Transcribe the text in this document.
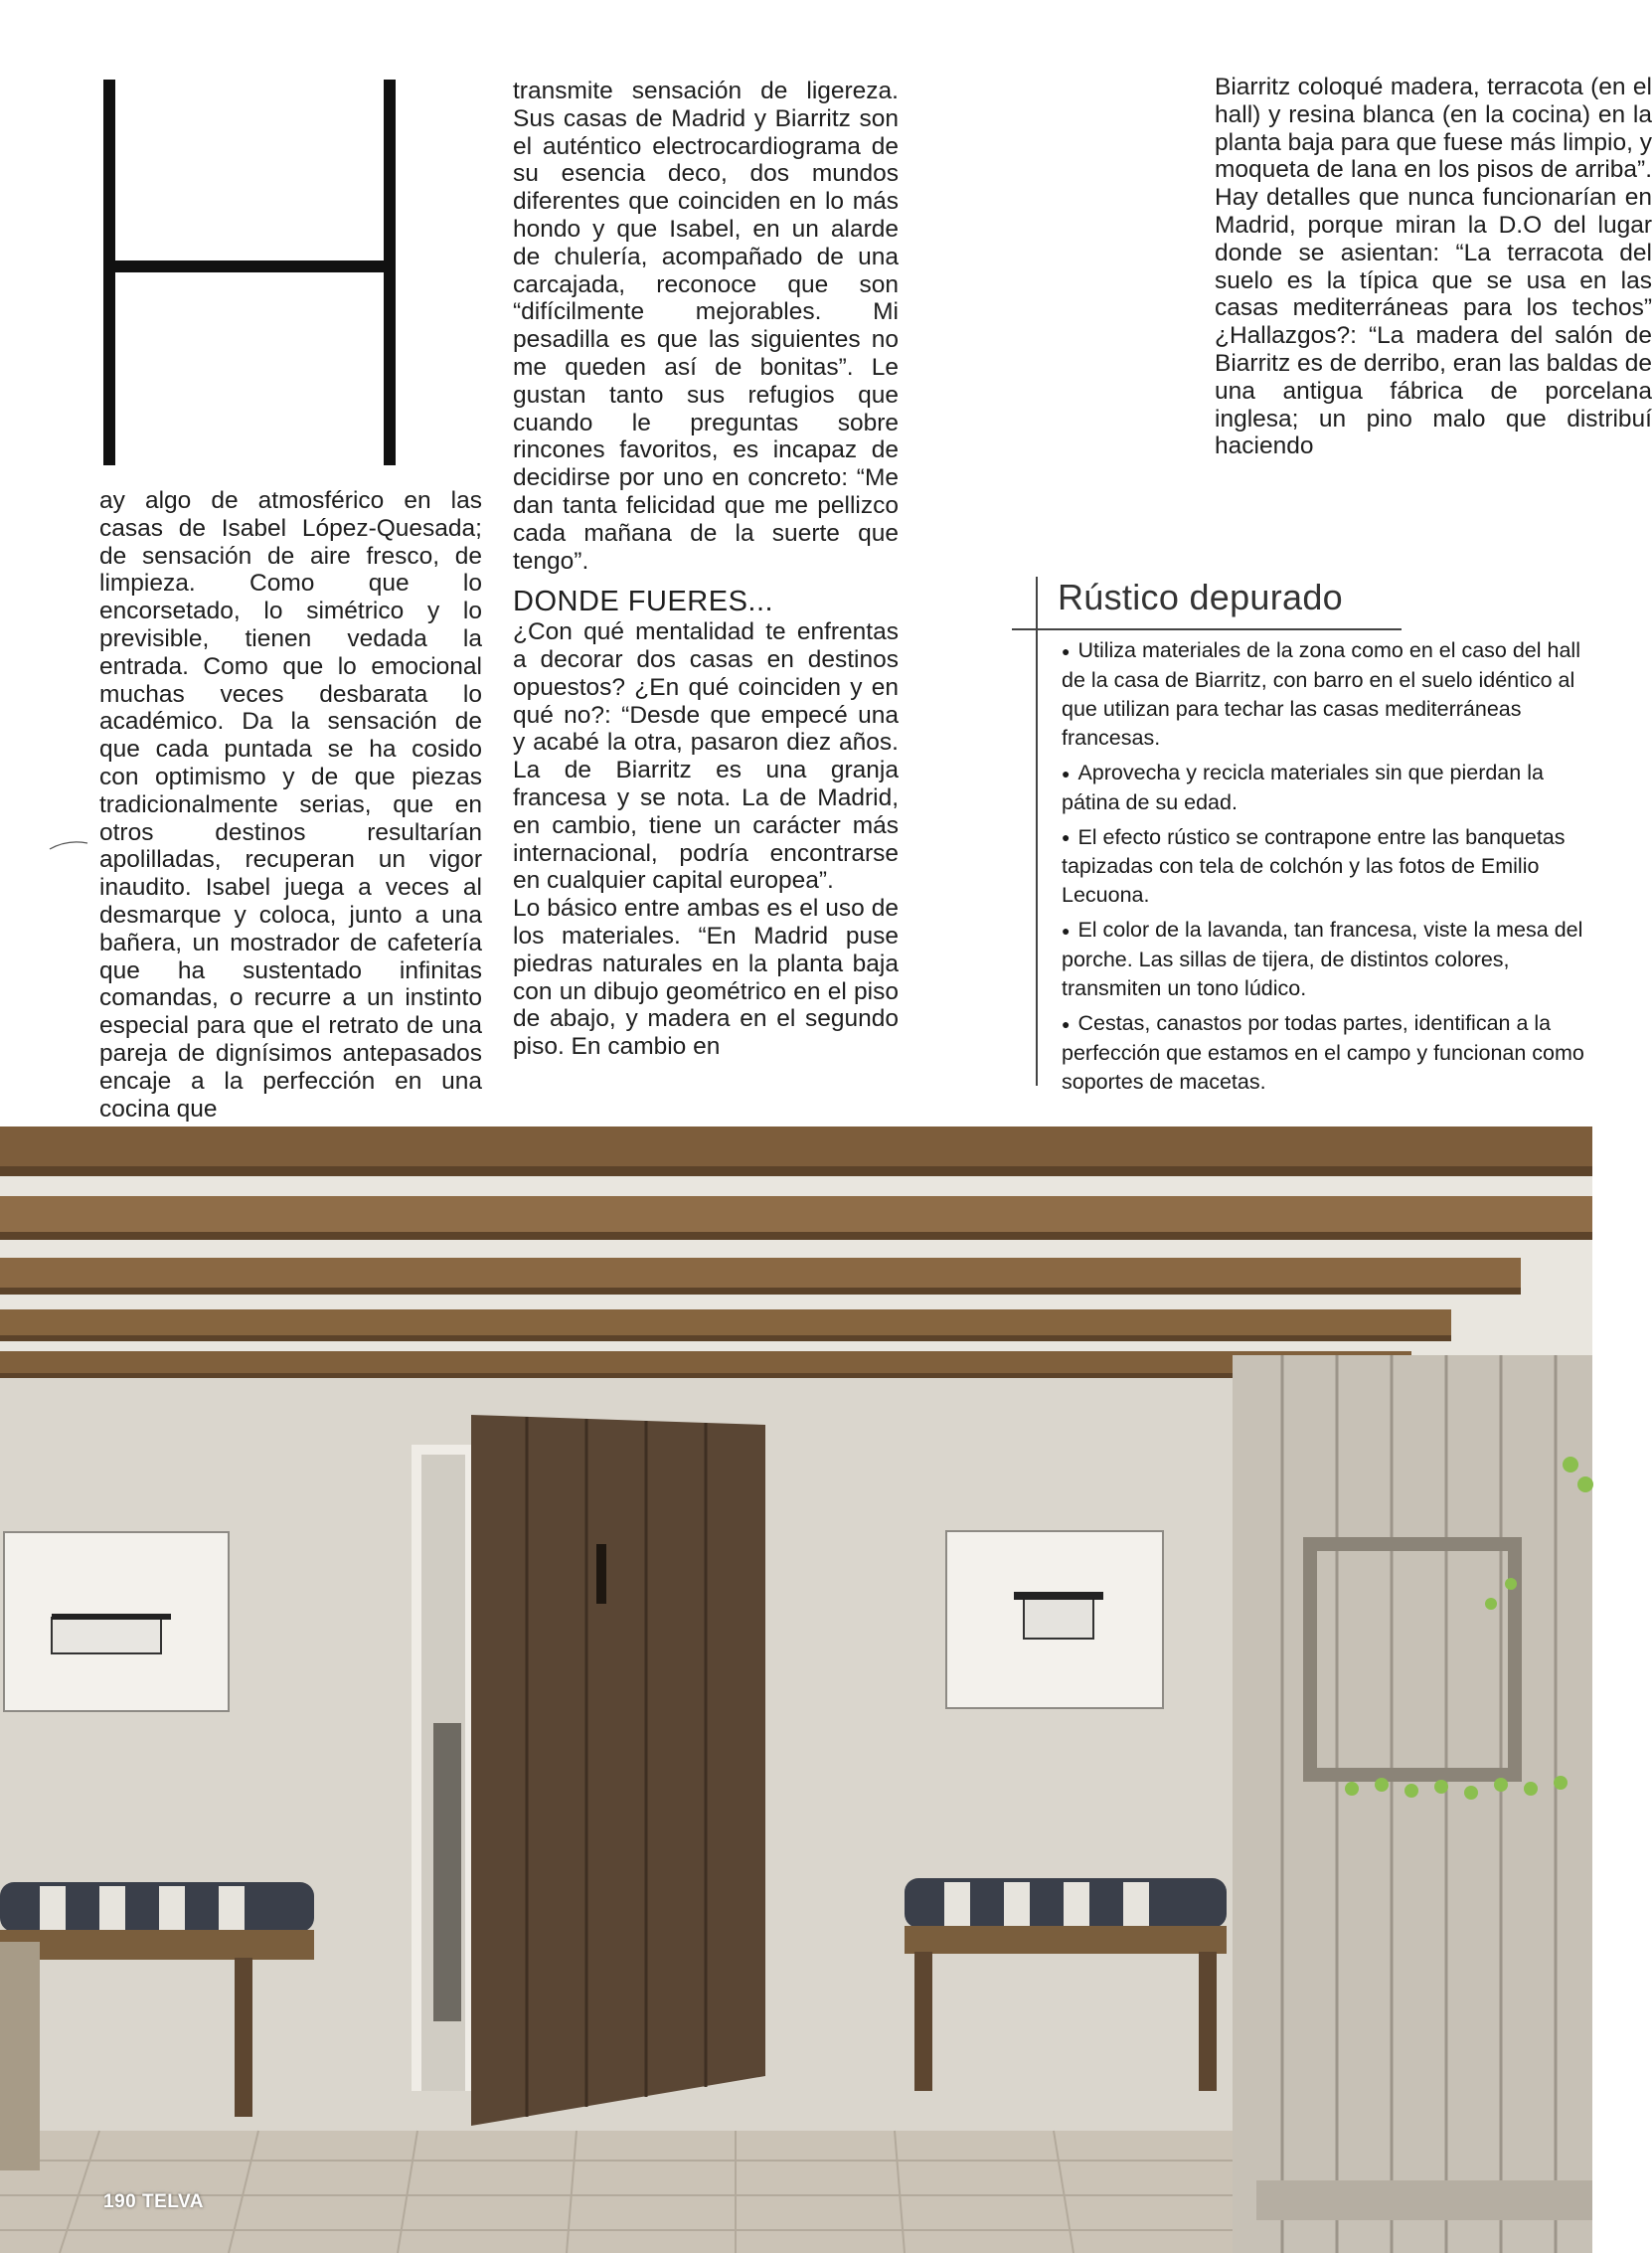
ay algo de atmosférico en las casas de Isabel López-Quesada; de sensación de aire fresco, de limpieza. Como que lo encorsetado, lo simétrico y lo previsible, tienen vedada la entrada. Como que lo emocional muchas veces desbarata lo académico. Da la sensación de que cada puntada se ha cosido con optimismo y de que piezas tradicionalmente serias, que en otros destinos resultarían apolilladas, recuperan un vigor inaudito. Isabel juega a veces al desmarque y coloca, junto a una bañera, un mostrador de cafetería que ha sustentado infinitas comandas, o recurre a un instinto especial para que el retrato de una pareja de dignísimos antepasados encaje a la perfección en una cocina que

transmite sensación de ligereza. Sus casas de Madrid y Biarritz son el auténtico electrocardiograma de su esencia deco, dos mundos diferentes que coinciden en lo más hondo y que Isabel, en un alarde de chulería, acompañado de una carcajada, reconoce que son “difícilmente mejorables. Mi pesadilla es que las siguientes no me queden así de bonitas”. Le gustan tanto sus refugios que cuando le preguntas sobre rincones favoritos, es incapaz de decidirse por uno en concreto: “Me dan tanta felicidad que me pellizco cada mañana de la suerte que tengo”.

DONDE FUERES...

¿Con qué mentalidad te enfrentas a decorar dos casas en destinos opuestos? ¿En qué coinciden y en qué no?: “Desde que empecé una y acabé la otra, pasaron diez años. La de Biarritz es una granja francesa y se nota. La de Madrid, en cambio, tiene un carácter más internacional, podría encontrarse en cualquier capital europea”.

Lo básico entre ambas es el uso de los materiales. “En Madrid puse piedras naturales en la planta baja con un dibujo geométrico en el piso de abajo, y madera en el segundo piso. En cambio en

Biarritz coloqué madera, terracota (en el hall) y resina blanca (en la cocina) en la planta baja para que fuese más limpio, y moqueta de lana en los pisos de arriba”. Hay detalles que nunca funcionarían en Madrid, porque miran la D.O del lugar donde se asientan: “La terracota del suelo es la típica que se usa en las casas mediterráneas para los techos” ¿Hallazgos?: “La madera del salón de Biarritz es de derribo, eran las baldas de una antigua fábrica de porcelana inglesa; un pino malo que distribuí haciendo

Rústico depurado
● Utiliza materiales de la zona como en el caso del hall de la casa de Biarritz, con barro en el suelo idéntico al que utilizan para techar las casas mediterráneas francesas.
● Aprovecha y recicla materiales sin que pierdan la pátina de su edad.
● El efecto rústico se contrapone entre las banquetas tapizadas con tela de colchón y las fotos de Emilio Lecuona.
● El color de la lavanda, tan francesa, viste la mesa del porche. Las sillas de tijera, de distintos colores, transmiten un tono lúdico.
● Cestas, canastos por todas partes, identifican a la perfección que estamos en el campo y funcionan como soportes de macetas.
190 TELVA
